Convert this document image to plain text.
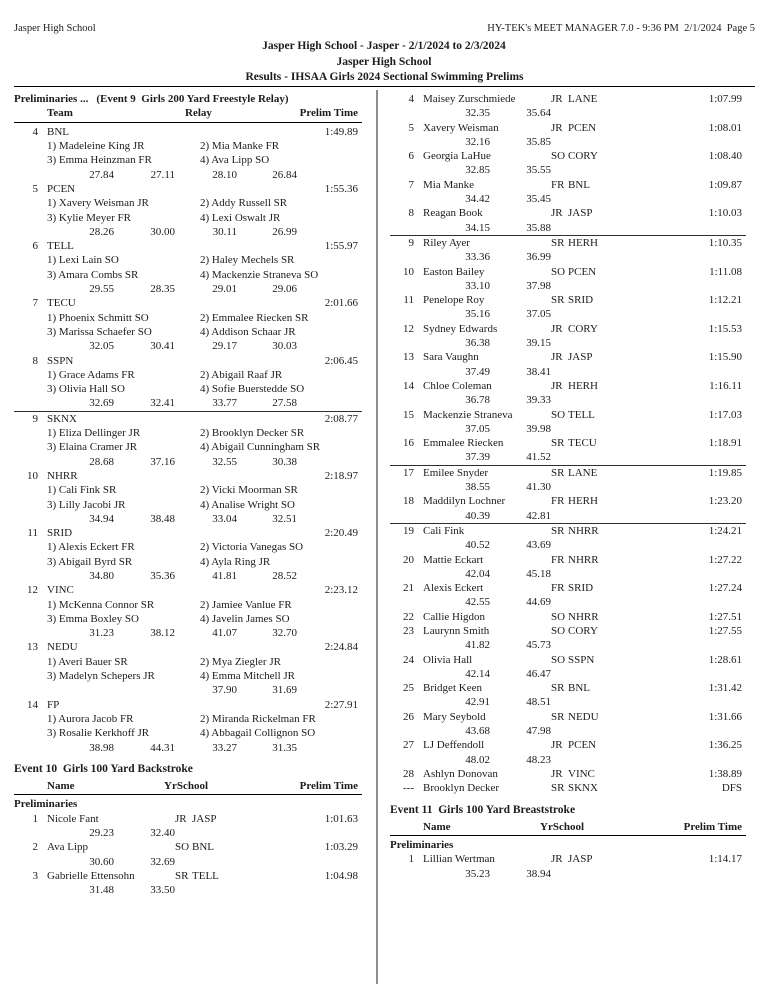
Jasper High School	HY-TEK's MEET MANAGER 7.0 - 9:36 PM  2/1/2024  Page 5
Jasper High School - Jasper - 2/1/2024 to 2/3/2024
Jasper High School
Results - IHSAA Girls 2024 Sectional Swimming Prelims
Preliminaries ... (Event 9  Girls 200 Yard Freestyle Relay)
Team	Relay	Prelim Time
4 BNL	1:49.89
1) Madeleine King JR	2) Mia Manke FR
3) Emma Heinzman FR	4) Ava Lipp SO
27.84	27.11	28.10	26.84
5 PCEN	1:55.36
1) Xavery Weisman JR	2) Addy Russell SR
3) Kylie Meyer FR	4) Lexi Oswalt JR
28.26	30.00	30.11	26.99
6 TELL	1:55.97
1) Lexi Lain SO	2) Haley Mechels SR
3) Amara Combs SR	4) Mackenzie Straneva SO
29.55	28.35	29.01	29.06
7 TECU	2:01.66
1) Phoenix Schmitt SO	2) Emmalee Riecken SR
3) Marissa Schaefer SO	4) Addison Schaar JR
32.05	30.41	29.17	30.03
8 SSPN	2:06.45
1) Grace Adams FR	2) Abigail Raaf JR
3) Olivia Hall SO	4) Sofie Buerstedde SO
32.69	32.41	33.77	27.58
9 SKNX	2:08.77
1) Eliza Dellinger JR	2) Brooklyn Decker SR
3) Elaina Cramer JR	4) Abigail Cunningham SR
28.68	37.16	32.55	30.38
10 NHRR	2:18.97
1) Cali Fink SR	2) Vicki Moorman SR
3) Lilly Jacobi JR	4) Analise Wright SO
34.94	38.48	33.04	32.51
11 SRID	2:20.49
1) Alexis Eckert FR	2) Victoria Vanegas SO
3) Abigail Byrd SR	4) Ayla Ring JR
34.80	35.36	41.81	28.52
12 VINC	2:23.12
1) McKenna Connor SR	2) Jamiee Vanlue FR
3) Emma Boxley SO	4) Javelin James SO
31.23	38.12	41.07	32.70
13 NEDU	2:24.84
1) Averi Bauer SR	2) Mya Ziegler JR
3) Madelyn Schepers JR	4) Emma Mitchell JR
37.90	31.69
14 FP	2:27.91
1) Aurora Jacob FR	2) Miranda Rickelman FR
3) Rosalie Kerkhoff JR	4) Abbagail Collignon SO
38.98	44.31	33.27	31.35
Event 10  Girls 100 Yard Backstroke
Name	YrSchool	Prelim Time
Preliminaries
1 Nicole Fant	JR JASP	1:01.63
29.23	32.40
2 Ava Lipp	SO BNL	1:03.29
30.60	32.69
3 Gabrielle Ettensohn	SR TELL	1:04.98
31.48	33.50
4 Maisey Zurschmiede	JR LANE	1:07.99
32.35	35.64
5 Xavery Weisman	JR PCEN	1:08.01
32.16	35.85
6 Georgia LaHue	SO CORY	1:08.40
32.85	35.55
7 Mia Manke	FR BNL	1:09.87
34.42	35.45
8 Reagan Book	JR JASP	1:10.03
34.15	35.88
9 Riley Ayer	SR HERH	1:10.35
33.36	36.99
10 Easton Bailey	SO PCEN	1:11.08
33.10	37.98
11 Penelope Roy	SR SRID	1:12.21
35.16	37.05
12 Sydney Edwards	JR CORY	1:15.53
36.38	39.15
13 Sara Vaughn	JR JASP	1:15.90
37.49	38.41
14 Chloe Coleman	JR HERH	1:16.11
36.78	39.33
15 Mackenzie Straneva	SO TELL	1:17.03
37.05	39.98
16 Emmalee Riecken	SR TECU	1:18.91
37.39	41.52
17 Emilee Snyder	SR LANE	1:19.85
38.55	41.30
18 Maddilyn Lochner	FR HERH	1:23.20
40.39	42.81
19 Cali Fink	SR NHRR	1:24.21
40.52	43.69
20 Mattie Eckart	FR NHRR	1:27.22
42.04	45.18
21 Alexis Eckert	FR SRID	1:27.24
42.55	44.69
22 Callie Higdon	SO NHRR	1:27.51
23 Laurynn Smith	SO CORY	1:27.55
41.82	45.73
24 Olivia Hall	SO SSPN	1:28.61
42.14	46.47
25 Bridget Keen	SR BNL	1:31.42
42.91	48.51
26 Mary Seybold	SR NEDU	1:31.66
43.68	47.98
27 LJ Deffendoll	JR PCEN	1:36.25
48.02	48.23
28 Ashlyn Donovan	JR VINC	1:38.89
--- Brooklyn Decker	SR SKNX	DFS
Event 11  Girls 100 Yard Breaststroke
Name	YrSchool	Prelim Time
Preliminaries
1 Lillian Wertman	JR JASP	1:14.17
35.23	38.94
